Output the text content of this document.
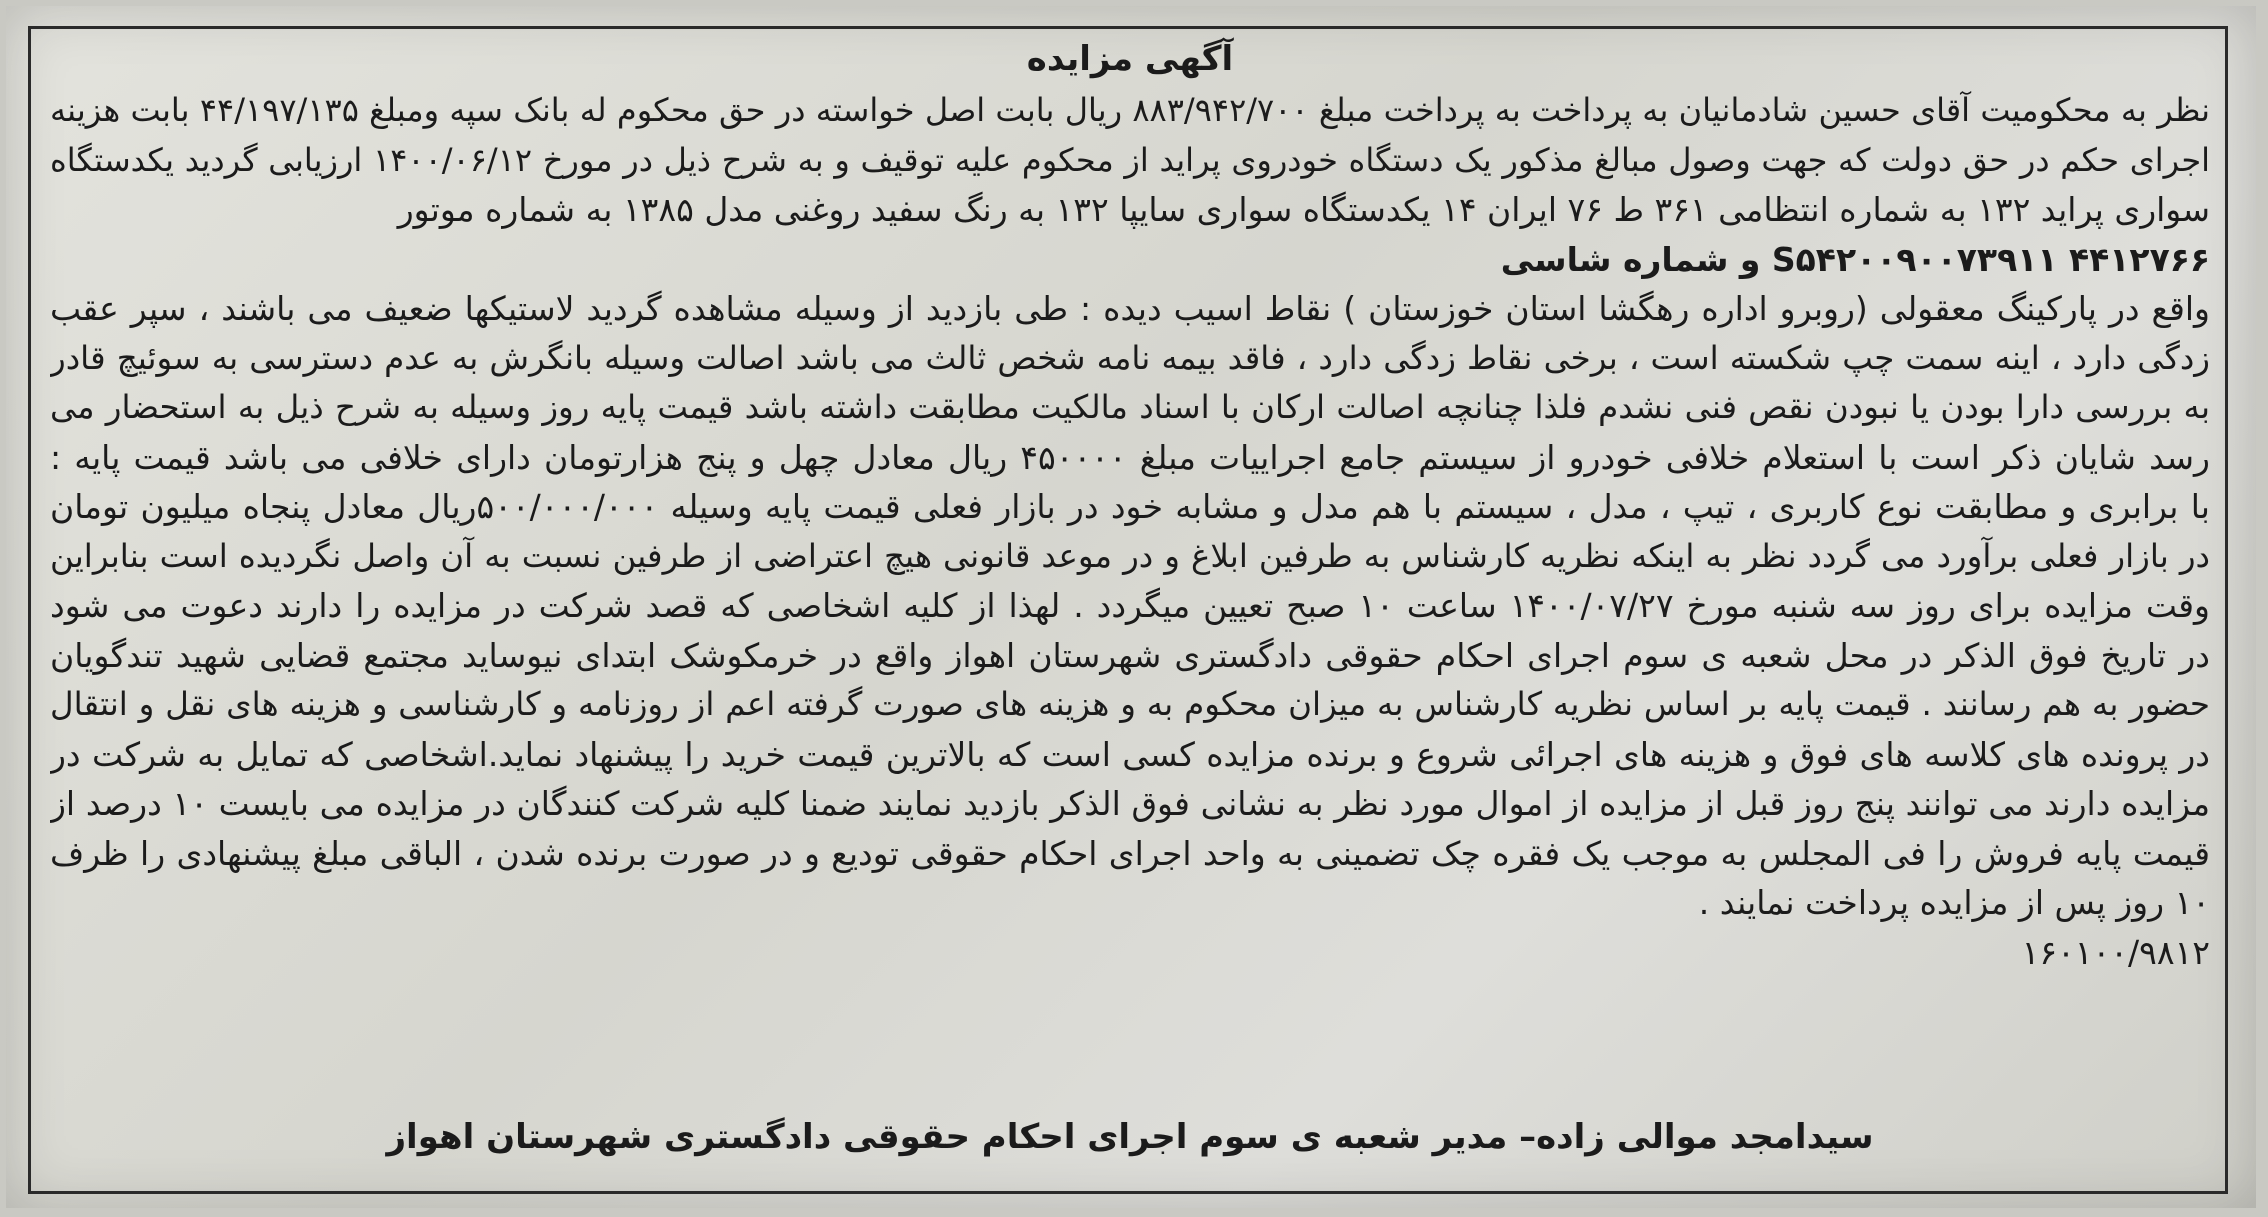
آگهی مزایده
نظر به محکومیت آقای حسین شادمانیان به پرداخت به پرداخت مبلغ ۸۸۳/۹۴۲/۷۰۰ ریال بابت اصل خواسته در حق محکوم له بانک سپه ومبلغ ۴۴/۱۹۷/۱۳۵ بابت هزینه
اجرای حکم در حق دولت که جهت وصول مبالغ مذکور یک دستگاه خودروی پراید از محکوم علیه توقیف و به شرح ذیل در مورخ ۱۴۰۰/۰۶/۱۲ ارزیابی گردید یکدستگاه
سواری پراید ۱۳۲ به شماره انتظامی ۳۶۱ ط ۷۶ ایران ۱۴ یکدستگاه سواری سایپا ۱۳۲ به رنگ سفید روغنی مدل ۱۳۸۵ به شماره موتور
۴۴۱۲۷۶۶ S۵۴۲۰۰۹۰۰۷۳۹۱۱ و شماره شاسی
واقع در پارکینگ معقولی (روبرو اداره رهگشا استان خوزستان ) نقاط اسیب دیده : طی بازدید از وسیله مشاهده گردید لاستیکها ضعیف می باشند ، سپر عقب
زدگی دارد ، اینه سمت چپ شکسته است ، برخی نقاط زدگی دارد ، فاقد بیمه نامه شخص ثالث می باشد اصالت وسیله بانگرش به عدم دسترسی به سوئیچ قادر
به بررسی دارا بودن یا نبودن نقص فنی نشدم فلذا چنانچه اصالت ارکان با اسناد مالکیت مطابقت داشته باشد قیمت پایه روز وسیله به شرح ذیل به استحضار می
رسد شایان ذکر است با استعلام خلافی خودرو از سیستم جامع اجراییات مبلغ ۴۵۰۰۰۰ ریال معادل چهل و پنج هزارتومان دارای خلافی می باشد قیمت پایه :
با برابری و مطابقت نوع کاربری ، تیپ ، مدل ، سیستم با هم مدل و مشابه خود در بازار فعلی قیمت پایه وسیله ۵۰۰/۰۰۰/۰۰۰ریال معادل پنجاه میلیون تومان
در بازار فعلی برآورد می گردد نظر به اینکه نظریه کارشناس به طرفین ابلاغ و در موعد قانونی هیچ اعتراضی از طرفین نسبت به آن واصل نگردیده است بنابراین
وقت مزایده برای روز سه شنبه مورخ ۱۴۰۰/۰۷/۲۷ ساعت ۱۰ صبح تعیین میگردد . لهذا از کلیه اشخاصی که قصد شرکت در مزایده را دارند دعوت می شود
در تاریخ فوق الذکر در محل شعبه ی سوم اجرای احکام حقوقی دادگستری شهرستان اهواز واقع در خرمکوشک ابتدای نیوساید مجتمع قضایی شهید تندگویان
حضور به هم رسانند . قیمت پایه بر اساس نظریه کارشناس به میزان محکوم به و هزینه های صورت گرفته اعم از روزنامه و کارشناسی و هزینه های نقل و انتقال
در پرونده های کلاسه های فوق و هزینه های اجرائی شروع و برنده مزایده کسی است که بالاترین قیمت خرید را پیشنهاد نماید.اشخاصی که تمایل به شرکت در
مزایده دارند می توانند پنج روز قبل از مزایده از اموال مورد نظر به نشانی فوق الذکر بازدید نمایند ضمنا کلیه شرکت کنندگان در مزایده می بایست ۱۰ درصد از
قیمت پایه فروش را فی المجلس به موجب یک فقره چک تضمینی به واحد اجرای احکام حقوقی تودیع و در صورت برنده شدن ، الباقی مبلغ پیشنهادی را ظرف
۱۰ روز پس از مزایده پرداخت نمایند .
۱۶۰۱۰۰/۹۸۱۲
سیدامجد موالی زاده– مدیر شعبه ی سوم اجرای احکام حقوقی دادگستری شهرستان اهواز
